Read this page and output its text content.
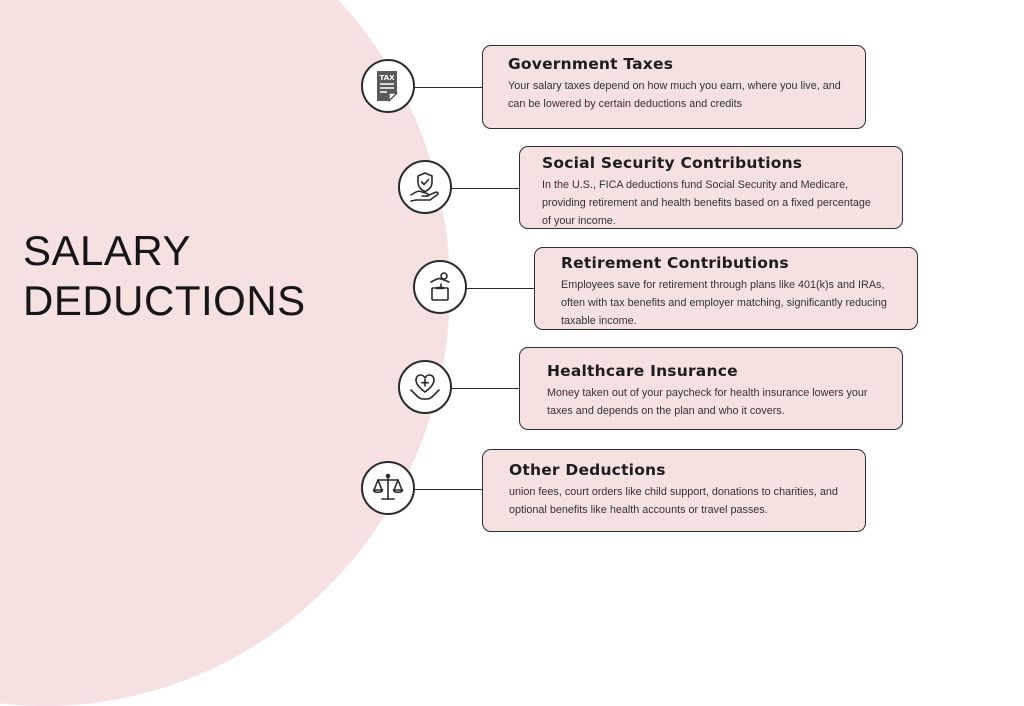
SALARY
DEDUCTIONS
TAX
Government Taxes

Your salary taxes depend on how much you earn, where you live, and can be lowered by certain deductions and credits

Social Security Contributions

In the U.S., FICA deductions fund Social Security and Medicare, providing retirement and health benefits based on a fixed percentage of your income.

Retirement Contributions

Employees save for retirement through plans like 401(k)s and IRAs, often with tax benefits and employer matching, significantly reducing taxable income.

Healthcare Insurance

Money taken out of your paycheck for health insurance lowers your taxes and depends on the plan and who it covers.

Other Deductions

union fees, court orders like child support, donations to charities, and optional benefits like health accounts or travel passes.
